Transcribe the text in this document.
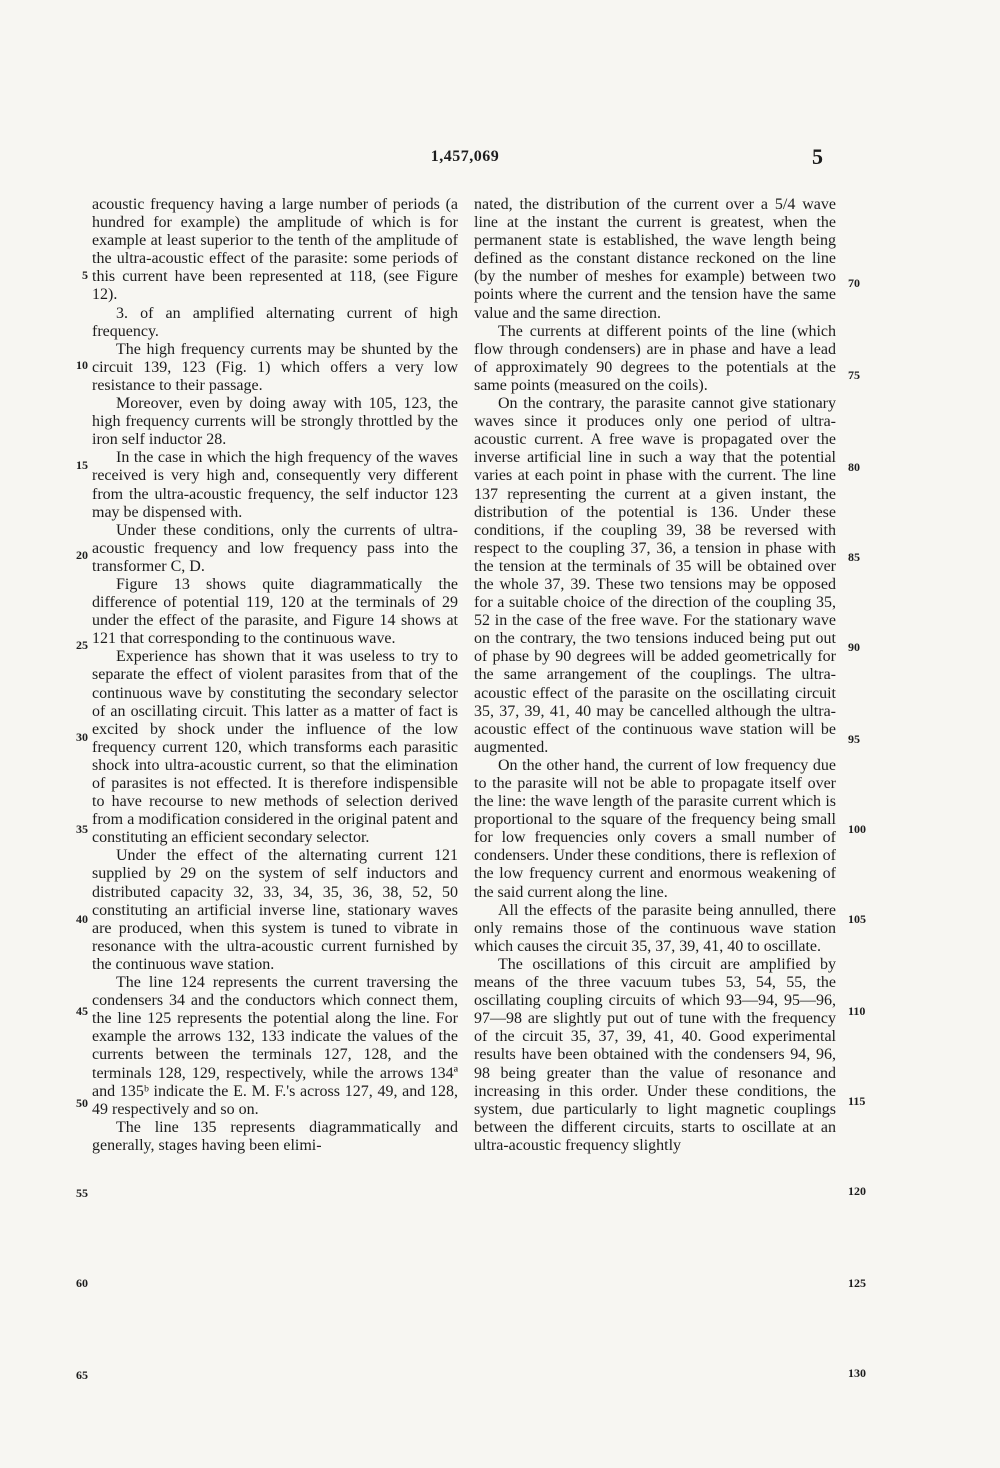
1,457,069	5
5
10
15
20
25
30
35
40
45
50
55
60
65

acoustic frequency having a large number of periods (a hundred for example) the amplitude of which is for example at least superior to the tenth of the amplitude of the ultra-acoustic effect of the parasite: some periods of this current have been represented at 118, (see Figure 12).

3. of an amplified alternating current of high frequency.

The high frequency currents may be shunted by the circuit 139, 123 (Fig. 1) which offers a very low resistance to their passage.

Moreover, even by doing away with 105, 123, the high frequency currents will be strongly throttled by the iron self inductor 28.

In the case in which the high frequency of the waves received is very high and, consequently very different from the ultra-acoustic frequency, the self inductor 123 may be dispensed with.

Under these conditions, only the currents of ultra-acoustic frequency and low frequency pass into the transformer C, D.

Figure 13 shows quite diagrammatically the difference of potential 119, 120 at the terminals of 29 under the effect of the parasite, and Figure 14 shows at 121 that corresponding to the continuous wave.

Experience has shown that it was useless to try to separate the effect of violent parasites from that of the continuous wave by constituting the secondary selector of an oscillating circuit. This latter as a matter of fact is excited by shock under the influence of the low frequency current 120, which transforms each parasitic shock into ultra-acoustic current, so that the elimination of parasites is not effected. It is therefore indispensible to have recourse to new methods of selection derived from a modification considered in the original patent and constituting an efficient secondary selector.

Under the effect of the alternating current 121 supplied by 29 on the system of self inductors and distributed capacity 32, 33, 34, 35, 36, 38, 52, 50 constituting an artificial inverse line, stationary waves are produced, when this system is tuned to vibrate in resonance with the ultra-acoustic current furnished by the continuous wave station.

The line 124 represents the current traversing the condensers 34 and the conductors which connect them, the line 125 represents the potential along the line. For example the arrows 132, 133 indicate the values of the currents between the terminals 127, 128, and the terminals 128, 129, respectively, while the arrows 134ª and 135ᵇ indicate the E. M. F.'s across 127, 49, and 128, 49 respectively and so on.

The line 135 represents diagrammatically and generally, stages having been elimi-

nated, the distribution of the current over a 5/4 wave line at the instant the current is greatest, when the permanent state is established, the wave length being defined as the constant distance reckoned on the line (by the number of meshes for example) between two points where the current and the tension have the same value and the same direction.

The currents at different points of the line (which flow through condensers) are in phase and have a lead of approximately 90 degrees to the potentials at the same points (measured on the coils).

On the contrary, the parasite cannot give stationary waves since it produces only one period of ultra-acoustic current. A free wave is propagated over the inverse artificial line in such a way that the potential varies at each point in phase with the current. The line 137 representing the current at a given instant, the distribution of the potential is 136. Under these conditions, if the coupling 39, 38 be reversed with respect to the coupling 37, 36, a tension in phase with the tension at the terminals of 35 will be obtained over the whole 37, 39. These two tensions may be opposed for a suitable choice of the direction of the coupling 35, 52 in the case of the free wave. For the stationary wave on the contrary, the two tensions induced being put out of phase by 90 degrees will be added geometrically for the same arrangement of the couplings. The ultra-acoustic effect of the parasite on the oscillating circuit 35, 37, 39, 41, 40 may be cancelled although the ultra-acoustic effect of the continuous wave station will be augmented.

On the other hand, the current of low frequency due to the parasite will not be able to propagate itself over the line: the wave length of the parasite current which is proportional to the square of the frequency being small for low frequencies only covers a small number of condensers. Under these conditions, there is reflexion of the low frequency current and enormous weakening of the said current along the line.

All the effects of the parasite being annulled, there only remains those of the continuous wave station which causes the circuit 35, 37, 39, 41, 40 to oscillate.

The oscillations of this circuit are amplified by means of the three vacuum tubes 53, 54, 55, the oscillating coupling circuits of which 93—94, 95—96, 97—98 are slightly put out of tune with the frequency of the circuit 35, 37, 39, 41, 40. Good experimental results have been obtained with the condensers 94, 96, 98 being greater than the value of resonance and increasing in this order. Under these conditions, the system, due particularly to light magnetic couplings between the different circuits, starts to oscillate at an ultra-acoustic frequency slightly

70
75
80
85
90
95
100
105
110
115
120
125
130
